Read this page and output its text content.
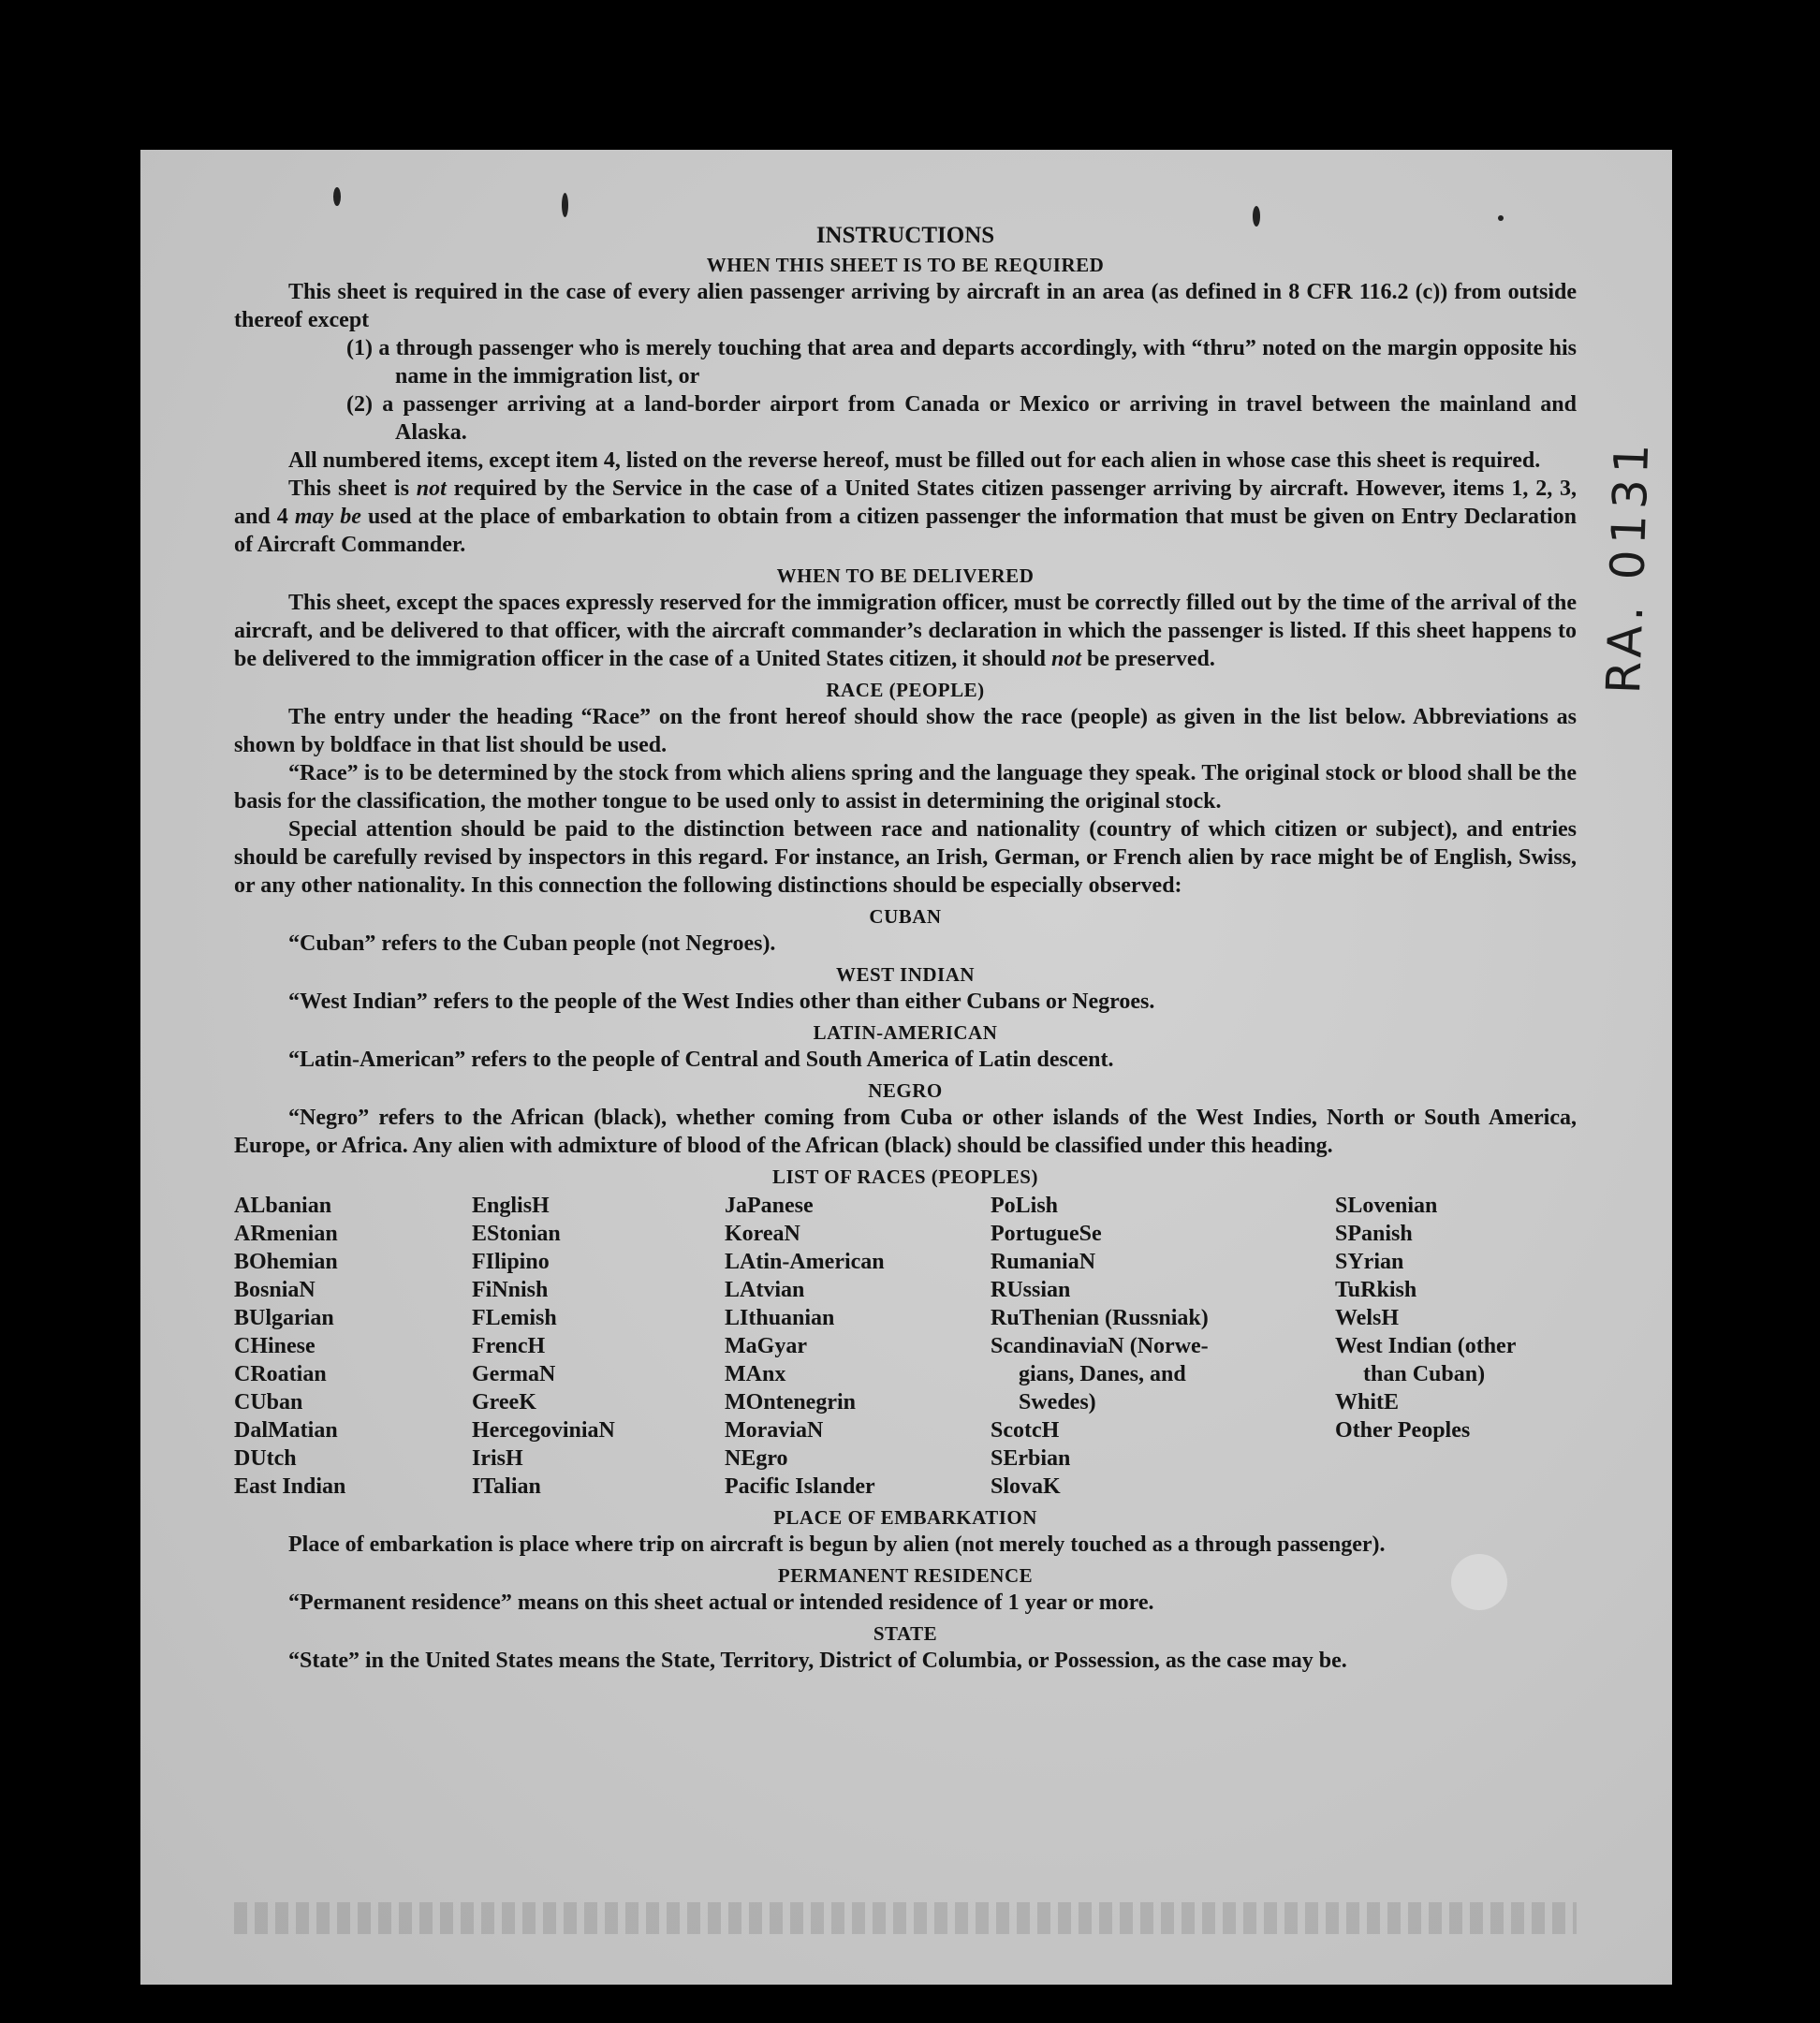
INSTRUCTIONS
WHEN THIS SHEET IS TO BE REQUIRED

This sheet is required in the case of every alien passenger arriving by aircraft in an area (as defined in 8 CFR 116.2 (c)) from outside thereof except

(1) a through passenger who is merely touching that area and departs accordingly, with “thru” noted on the margin opposite his name in the immigration list, or
(2) a passenger arriving at a land-border airport from Canada or Mexico or arriving in travel between the mainland and Alaska.

All numbered items, except item 4, listed on the reverse hereof, must be filled out for each alien in whose case this sheet is required.

This sheet is not required by the Service in the case of a United States citizen passenger arriving by aircraft. However, items 1, 2, 3, and 4 may be used at the place of embarkation to obtain from a citizen passenger the information that must be given on Entry Declaration of Aircraft Commander.

WHEN TO BE DELIVERED

This sheet, except the spaces expressly reserved for the immigration officer, must be correctly filled out by the time of the arrival of the aircraft, and be delivered to that officer, with the aircraft commander’s declaration in which the passenger is listed. If this sheet happens to be delivered to the immigration officer in the case of a United States citizen, it should not be preserved.

RACE (PEOPLE)

The entry under the heading “Race” on the front hereof should show the race (people) as given in the list below. Abbreviations as shown by boldface in that list should be used.

“Race” is to be determined by the stock from which aliens spring and the language they speak. The original stock or blood shall be the basis for the classification, the mother tongue to be used only to assist in determining the original stock.

Special attention should be paid to the distinction between race and nationality (country of which citizen or subject), and entries should be carefully revised by inspectors in this regard. For instance, an Irish, German, or French alien by race might be of English, Swiss, or any other nationality. In this connection the following distinctions should be especially observed:

CUBAN

“Cuban” refers to the Cuban people (not Negroes).

WEST INDIAN

“West Indian” refers to the people of the West Indies other than either Cubans or Negroes.

LATIN-AMERICAN

“Latin-American” refers to the people of Central and South America of Latin descent.

NEGRO

“Negro” refers to the African (black), whether coming from Cuba or other islands of the West Indies, North or South America, Europe, or Africa. Any alien with admixture of blood of the African (black) should be classified under this heading.

LIST OF RACES (PEOPLES)
ALbanian
ARmenian
BOhemian
BosniaN
BUlgarian
CHinese
CRoatian
CUban
DalMatian
DUtch
East Indian
EnglisH
EStonian
FIlipino
FiNnish
FLemish
FrencH
GermaN
GreeK
HercegoviniaN
IrisH
ITalian
JaPanese
KoreaN
LAtin-American
LAtvian
LIthuanian
MaGyar
MAnx
MOntenegrin
MoraviaN
NEgro
Pacific Islander
PoLish
PortugueSe
RumaniaN
RUssian
RuThenian (Russniak)
ScandinaviaN (Norwe-
gians, Danes, and
Swedes)
ScotcH
SErbian
SlovaK
SLovenian
SPanish
SYrian
TuRkish
WelsH
West Indian (other
than Cuban)
WhitE
Other Peoples
PLACE OF EMBARKATION

Place of embarkation is place where trip on aircraft is begun by alien (not merely touched as a through passenger).

PERMANENT RESIDENCE

“Permanent residence” means on this sheet actual or intended residence of 1 year or more.

STATE

“State” in the United States means the State, Territory, District of Columbia, or Possession, as the case may be.

RA. 0131
